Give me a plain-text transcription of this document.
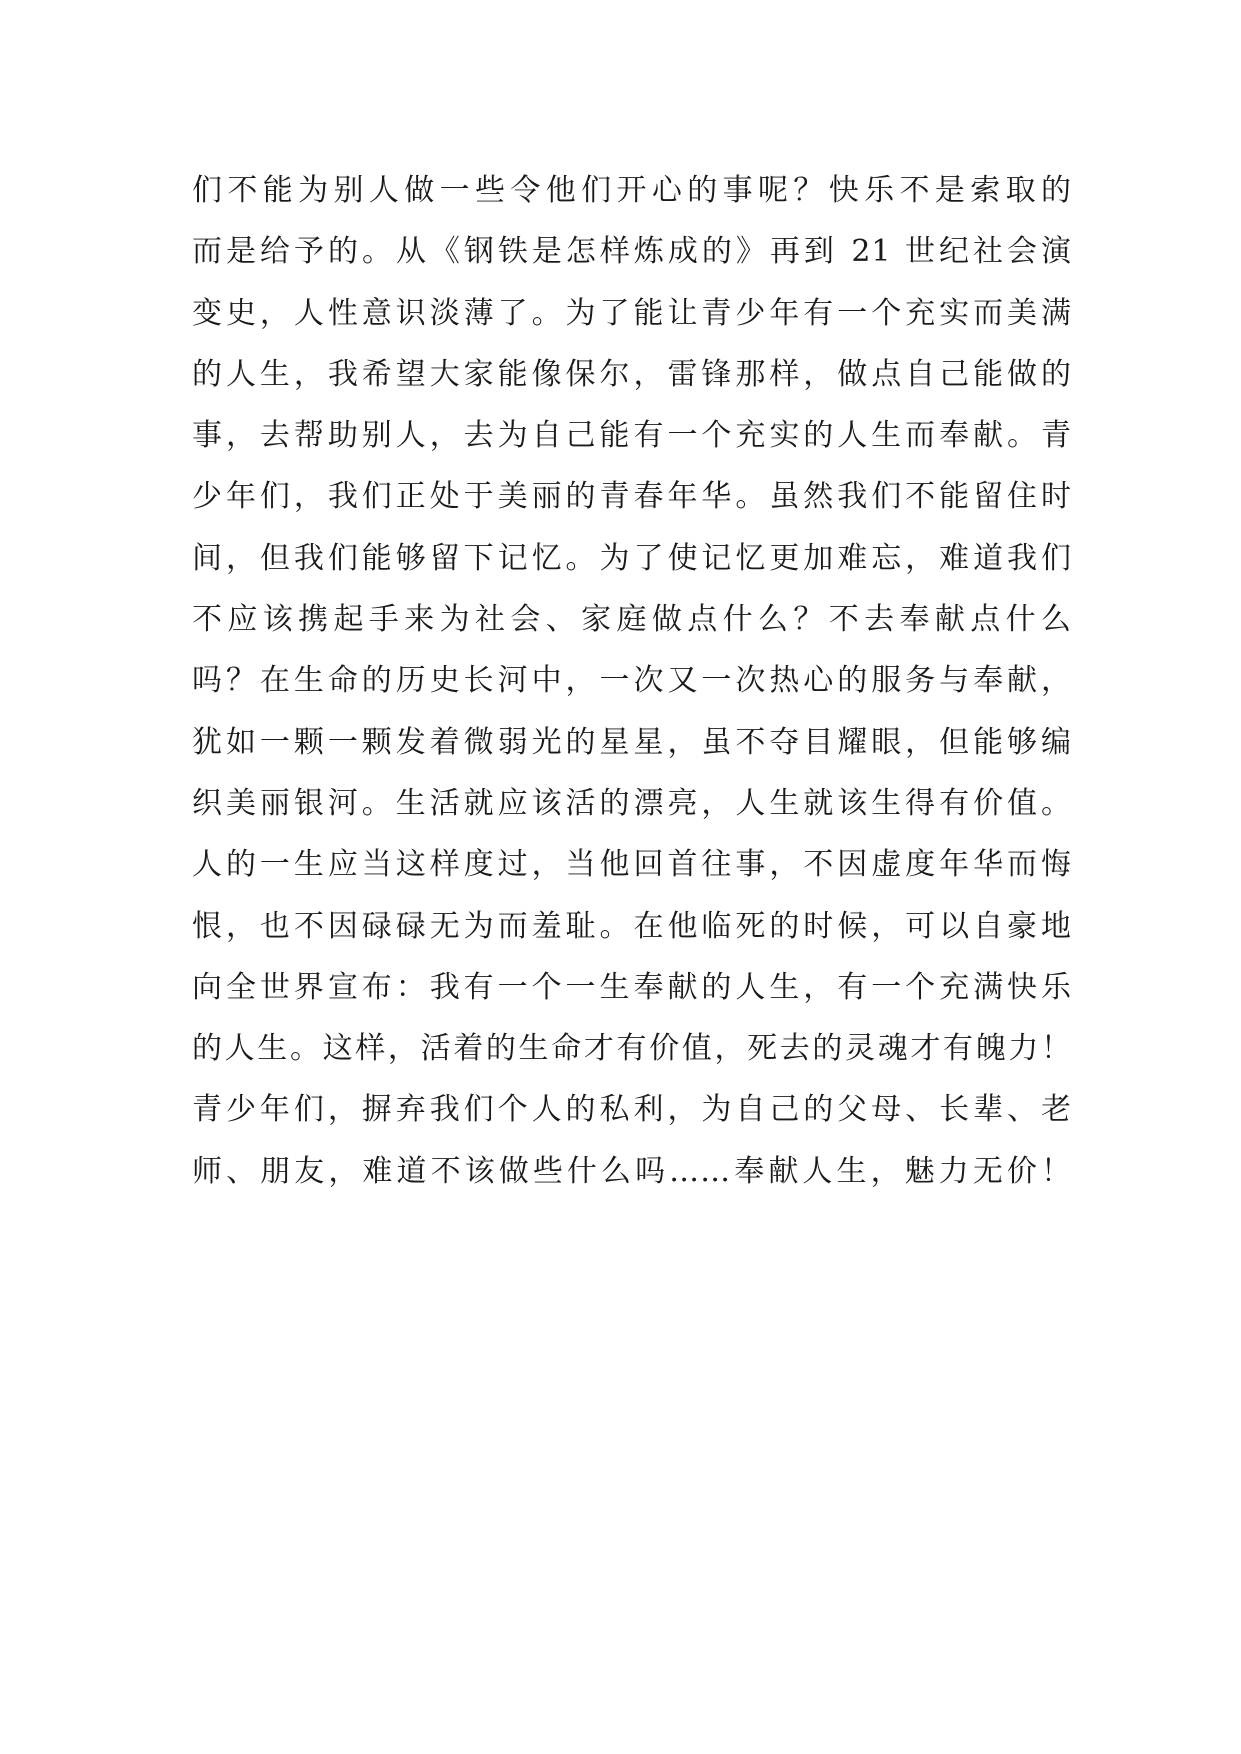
们不能为别人做一些令他们开心的事呢？快乐不是索取的
而是给予的。从《钢铁是怎样炼成的》再到 21 世纪社会演
变史，人性意识淡薄了。为了能让青少年有一个充实而美满
的人生，我希望大家能像保尔，雷锋那样，做点自己能做的
事，去帮助别人，去为自己能有一个充实的人生而奉献。青
少年们，我们正处于美丽的青春年华。虽然我们不能留住时
间，但我们能够留下记忆。为了使记忆更加难忘，难道我们
不应该携起手来为社会、家庭做点什么？不去奉献点什么
吗？在生命的历史长河中，一次又一次热心的服务与奉献，
犹如一颗一颗发着微弱光的星星，虽不夺目耀眼，但能够编
织美丽银河。生活就应该活的漂亮，人生就该生得有价值。
人的一生应当这样度过，当他回首往事，不因虚度年华而悔
恨，也不因碌碌无为而羞耻。在他临死的时候，可以自豪地
向全世界宣布：我有一个一生奉献的人生，有一个充满快乐
的人生。这样，活着的生命才有价值，死去的灵魂才有魄力！
青少年们，摒弃我们个人的私利，为自己的父母、长辈、老
师、朋友，难道不该做些什么吗……奉献人生，魅力无价！
